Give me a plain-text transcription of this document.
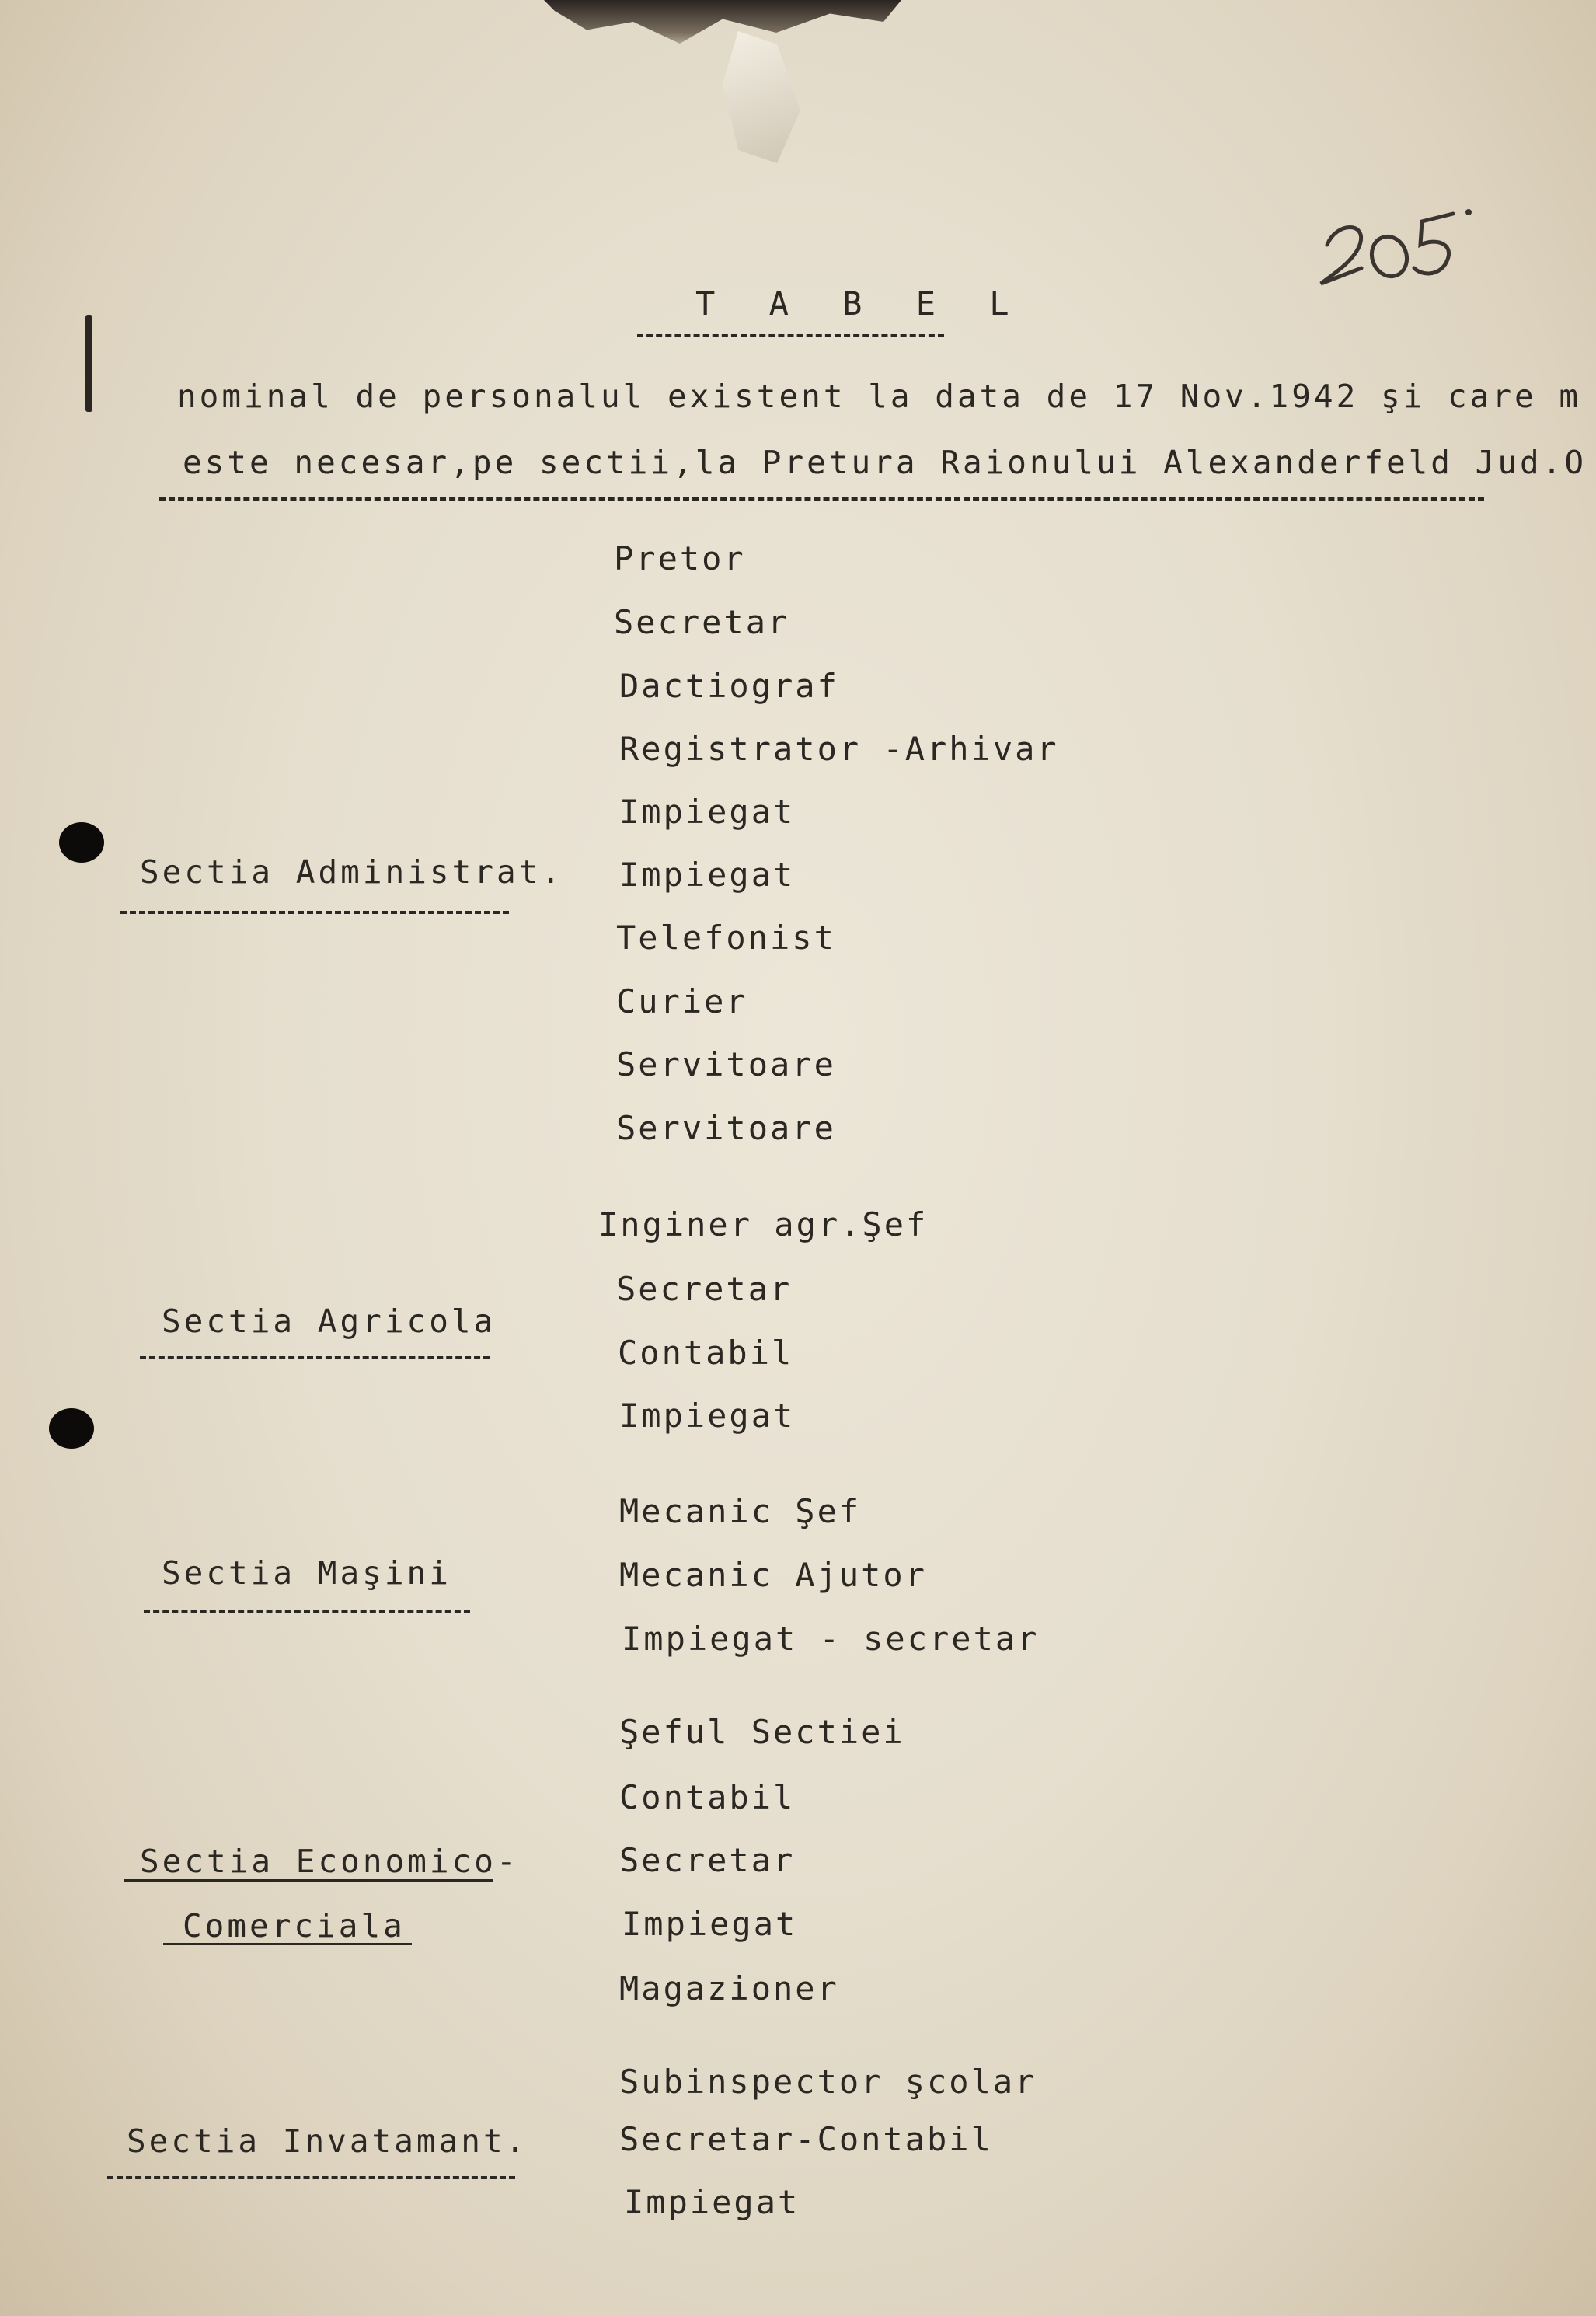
T A B E L
nominal de personalul existent la data de 17 Nov.1942 şi care m
este necesar,pe sectii,la Pretura Raionului Alexanderfeld Jud.O
Sectia Administrat.
Pretor
Secretar
Dactiograf
Registrator -Arhivar
Impiegat
Impiegat
Telefonist
Curier
Servitoare
Servitoare
Sectia Agricola
Inginer agr.Şef
Secretar
Contabil
Impiegat
Sectia Maşini
Mecanic Şef
Mecanic Ajutor
Impiegat - secretar
Sectia Economico-
Comerciala
Şeful Sectiei
Contabil
Secretar
Impiegat
Magazioner
Sectia Invatamant.
Subinspector şcolar
Secretar-Contabil
Impiegat
